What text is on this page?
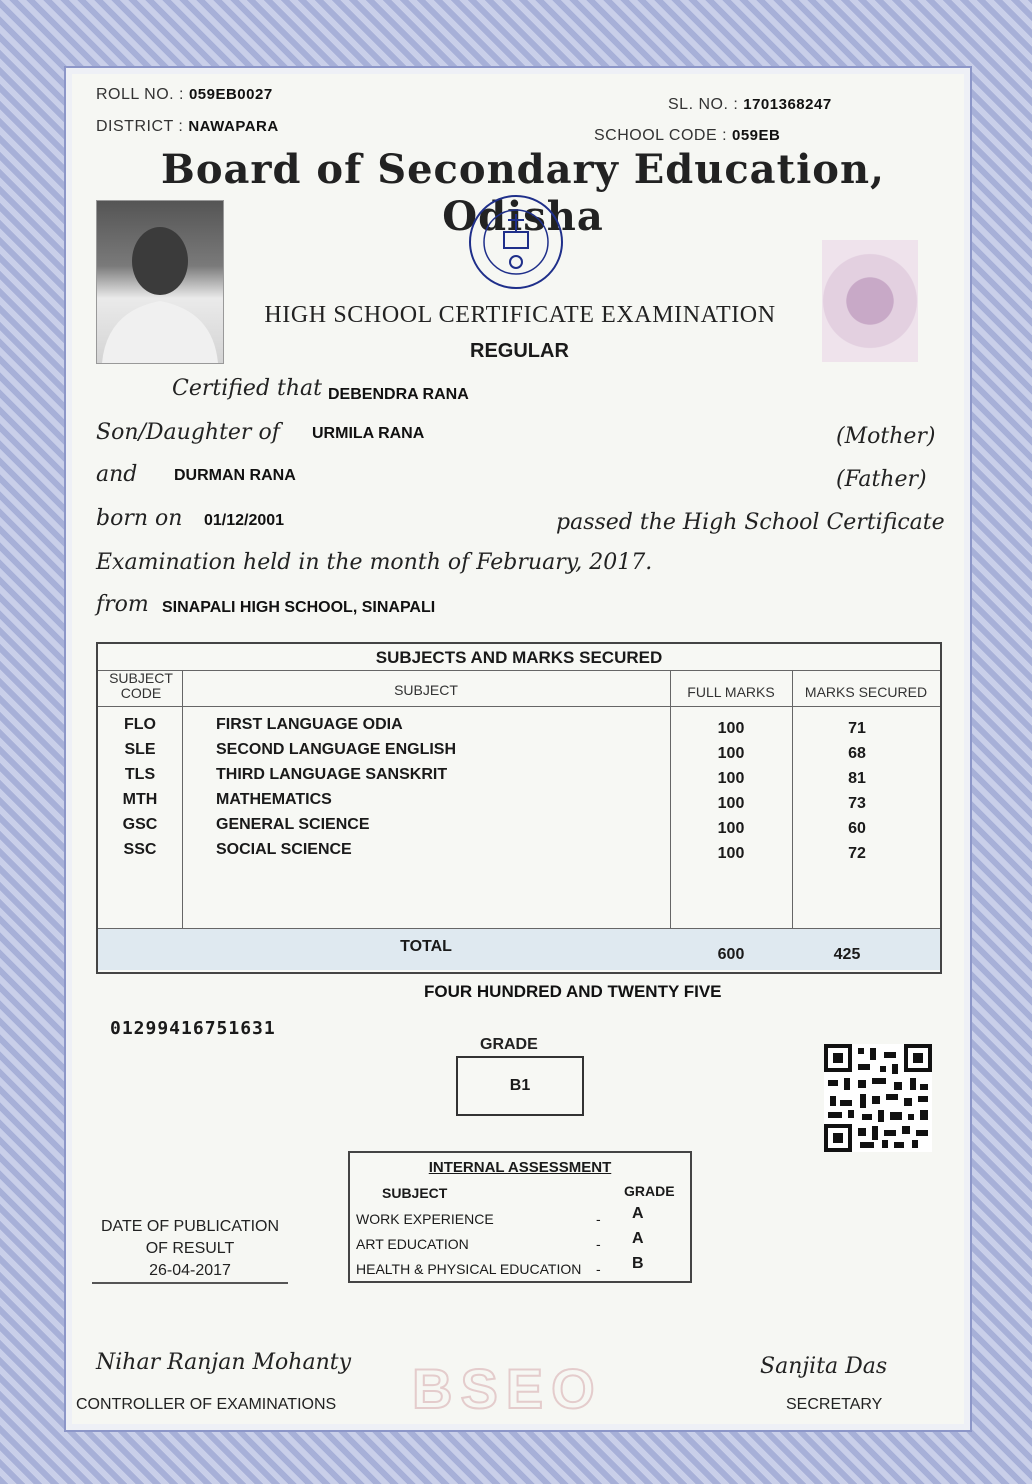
ROLL NO. : 059EB0027
DISTRICT : NAWAPARA
SL. NO. : 1701368247
SCHOOL CODE : 059EB
Board of Secondary Education, Odisha
HIGH SCHOOL CERTIFICATE EXAMINATION
REGULAR
Certified that DEBENDRA RANA
Son/Daughter of URMILA RANA	(Mother)
and DURMAN RANA	(Father)
born on 01/12/2001	passed the High School Certificate
Examination held in the month of February, 2017.
from SINAPALI HIGH SCHOOL, SINAPALI
SUBJECTS AND MARKS SECURED
SUBJECT
CODE	SUBJECT	FULL MARKS	MARKS SECURED
FLO	FIRST LANGUAGE ODIA	100	71
SLE	SECOND LANGUAGE ENGLISH	100	68
TLS	THIRD LANGUAGE SANSKRIT	100	81
MTH	MATHEMATICS	100	73
GSC	GENERAL SCIENCE	100	60
SSC	SOCIAL SCIENCE	100	72
TOTAL	600	425
FOUR HUNDRED AND TWENTY FIVE
01299416751631
GRADE
B1
INTERNAL ASSESSMENT
SUBJECT	GRADE
WORK EXPERIENCE	- A
ART EDUCATION	- A
HEALTH & PHYSICAL EDUCATION - B
DATE OF PUBLICATION
OF RESULT
26-04-2017
Nihar Ranjan Mohanty
CONTROLLER OF EXAMINATIONS BSEO	Sanjita Das
SECRETARY
